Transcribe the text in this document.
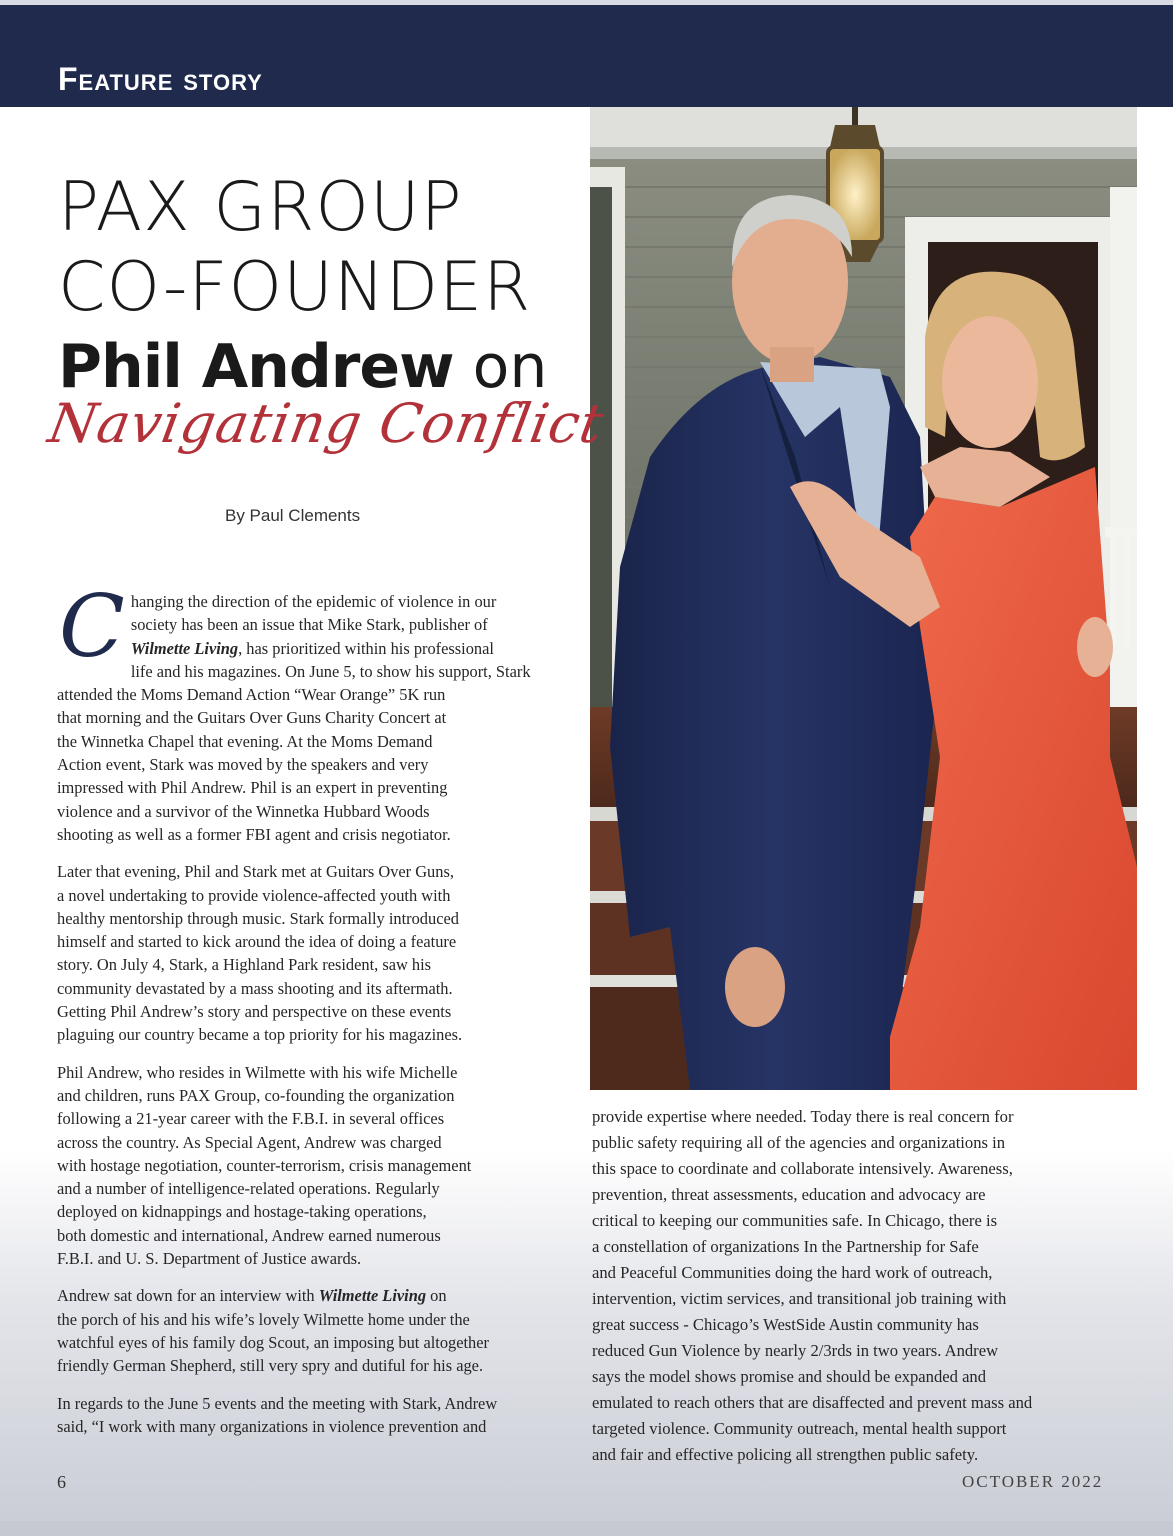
Feature story
PAX GROUP
CO-FOUNDER
Phil Andrew on

Navigating Conflict

By Paul Clements

Changing the direction of the epidemic of violence in our
society has been an issue that Mike Stark, publisher of
Wilmette Living, has prioritized within his professional
life and his magazines. On June 5, to show his support, Stark
attended the Moms Demand Action “Wear Orange” 5K run
that morning and the Guitars Over Guns Charity Concert at
the Winnetka Chapel that evening. At the Moms Demand
Action event, Stark was moved by the speakers and very
impressed with Phil Andrew. Phil is an expert in preventing
violence and a survivor of the Winnetka Hubbard Woods
shooting as well as a former FBI agent and crisis negotiator.

Later that evening, Phil and Stark met at Guitars Over Guns,
a novel undertaking to provide violence-affected youth with
healthy mentorship through music. Stark formally introduced
himself and started to kick around the idea of doing a feature
story. On July 4, Stark, a Highland Park resident, saw his
community devastated by a mass shooting and its aftermath.
Getting Phil Andrew’s story and perspective on these events
plaguing our country became a top priority for his magazines.

Phil Andrew, who resides in Wilmette with his wife Michelle
and children, runs PAX Group, co-founding the organization
following a 21-year career with the F.B.I. in several offices
across the country. As Special Agent, Andrew was charged
with hostage negotiation, counter-terrorism, crisis management
and a number of intelligence-related operations. Regularly
deployed on kidnappings and hostage-taking operations,
both domestic and international, Andrew earned numerous
F.B.I. and U. S. Department of Justice awards.

Andrew sat down for an interview with Wilmette Living on
the porch of his and his wife’s lovely Wilmette home under the
watchful eyes of his family dog Scout, an imposing but altogether
friendly German Shepherd, still very spry and dutiful for his age.

In regards to the June 5 events and the meeting with Stark, Andrew
said, “I work with many organizations in violence prevention and

provide expertise where needed. Today there is real concern for
public safety requiring all of the agencies and organizations in
this space to coordinate and collaborate intensively. Awareness,
prevention, threat assessments, education and advocacy are
critical to keeping our communities safe. In Chicago, there is
a constellation of organizations In the Partnership for Safe
and Peaceful Communities doing the hard work of outreach,
intervention, victim services, and transitional job training with
great success - Chicago’s WestSide Austin community has
reduced Gun Violence by nearly 2/3rds in two years. Andrew
says the model shows promise and should be expanded and
emulated to reach others that are disaffected and prevent mass and
targeted violence. Community outreach, mental health support
and fair and effective policing all strengthen public safety.

6	OCTOBER 2022
